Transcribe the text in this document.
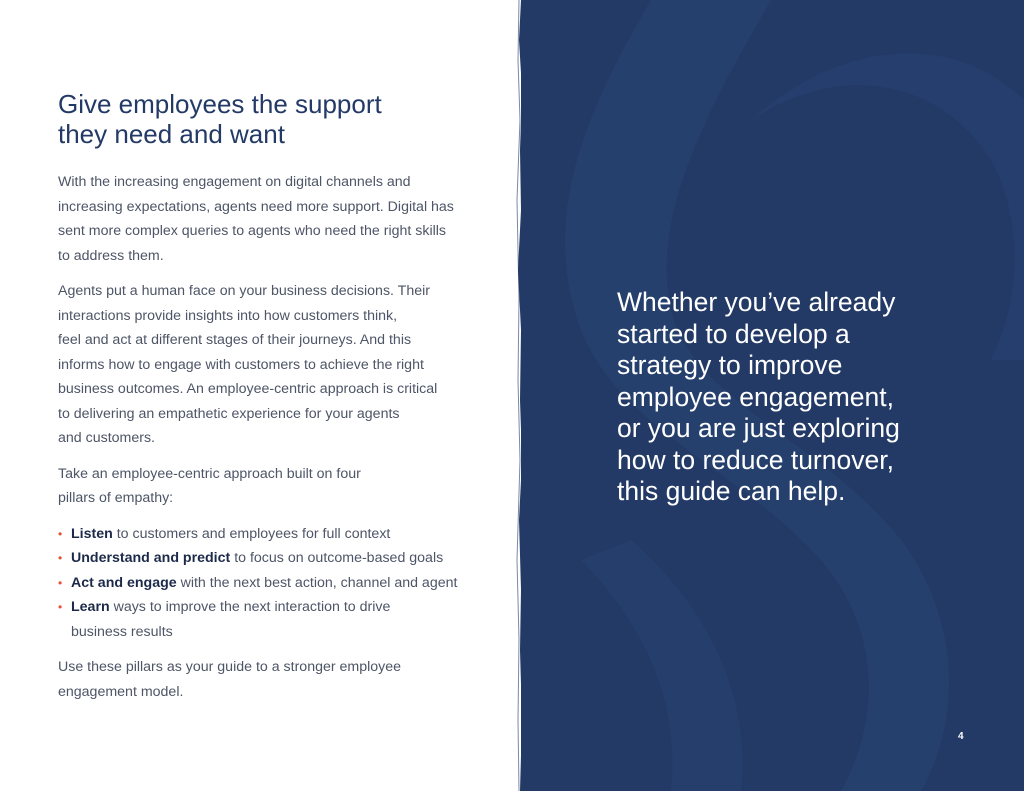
Give employees the support
they need and want

With the increasing engagement on digital channels and
increasing expectations, agents need more support. Digital has
sent more complex queries to agents who need the right skills
to address them.

Agents put a human face on your business decisions. Their
interactions provide insights into how customers think,
feel and act at different stages of their journeys. And this
informs how to engage with customers to achieve the right
business outcomes. An employee-centric approach is critical
to delivering an empathetic experience for your agents
and customers.

Take an employee-centric approach built on four
pillars of empathy:

• Listen to customers and employees for full context
• Understand and predict to focus on outcome-based goals
• Act and engage with the next best action, channel and agent
• Learn ways to improve the next interaction to drive
business results

Use these pillars as your guide to a stronger employee
engagement model.

Whether you’ve already
started to develop a
strategy to improve
employee engagement,
or you are just exploring
how to reduce turnover,
this guide can help.
4
